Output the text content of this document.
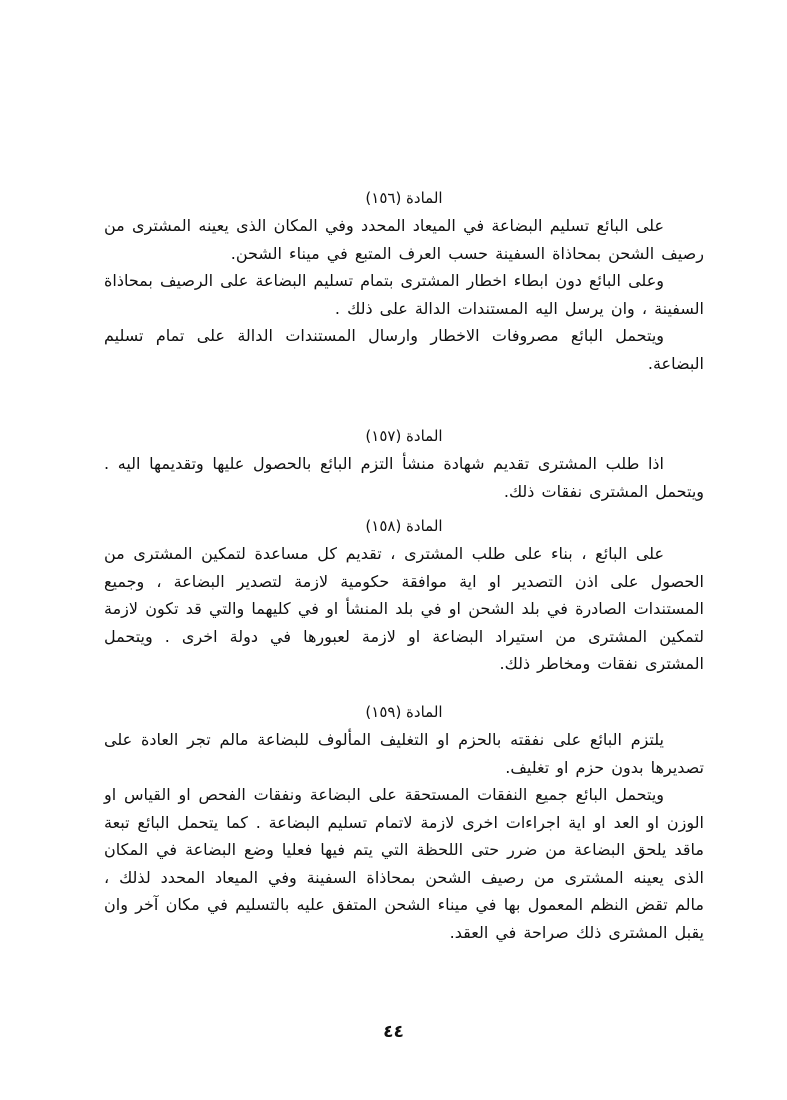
المادة (١٥٦)

على البائع تسليم البضاعة في الميعاد المحدد وفي المكان الذى يعينه المشترى من رصيف الشحن بمحاذاة السفينة حسب العرف المتبع في ميناء الشحن.

وعلى البائع دون ابطاء اخطار المشترى بتمام تسليم البضاعة على الرصيف بمحاذاة السفينة ، وان يرسل اليه المستندات الدالة على ذلك .

ويتحمل البائع مصروفات الاخطار وارسال المستندات الدالة على تمام تسليم البضاعة.

المادة (١٥٧)

اذا طلب المشترى تقديم شهادة منشأ التزم البائع بالحصول عليها وتقديمها اليه . ويتحمل المشترى نفقات ذلك.

المادة (١٥٨)

على البائع ، بناء على طلب المشترى ، تقديم كل مساعدة لتمكين المشترى من الحصول على اذن التصدير او اية موافقة حكومية لازمة لتصدير البضاعة ، وجميع المستندات الصادرة في بلد الشحن او في بلد المنشأ او في كليهما والتي قد تكون لازمة لتمكين المشترى من استيراد البضاعة او لازمة لعبورها في دولة اخرى . ويتحمل المشترى نفقات ومخاطر ذلك.

المادة (١٥٩)

يلتزم البائع على نفقته بالحزم او التغليف المألوف للبضاعة مالم تجر العادة على تصديرها بدون حزم او تغليف.

ويتحمل البائع جميع النفقات المستحقة على البضاعة ونفقات الفحص او القياس او الوزن او العد او اية اجراءات اخرى لازمة لاتمام تسليم البضاعة . كما يتحمل البائع تبعة ماقد يلحق البضاعة من ضرر حتى اللحظة التي يتم فيها فعليا وضع البضاعة في المكان الذى يعينه المشترى من رصيف الشحن بمحاذاة السفينة وفي الميعاد المحدد لذلك ، مالم تقض النظم المعمول بها في ميناء الشحن المتفق عليه بالتسليم في مكان آخر وان يقبل المشترى ذلك صراحة في العقد.

٤٤
